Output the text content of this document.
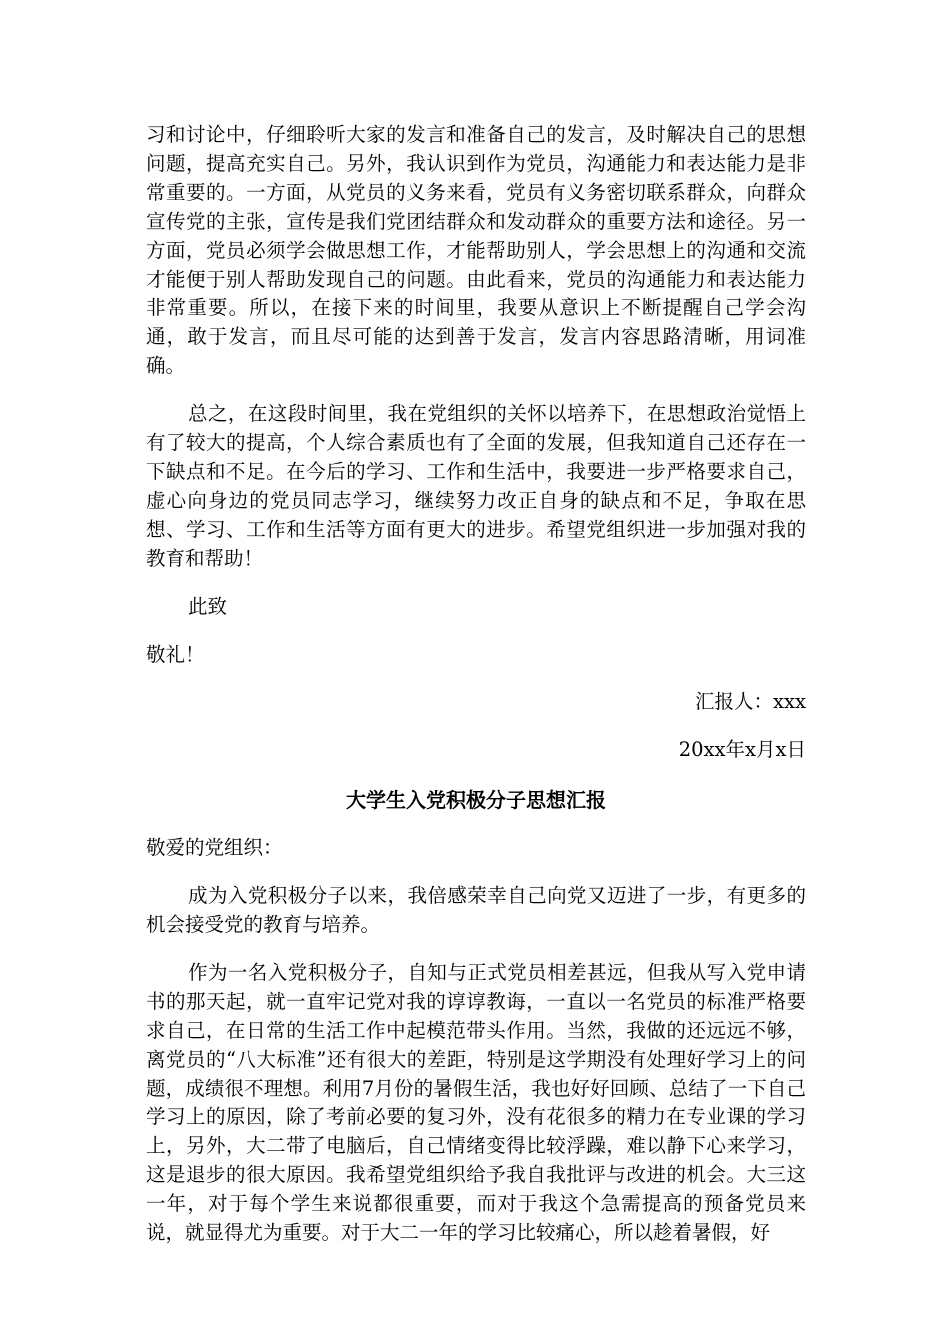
习和讨论中，仔细聆听大家的发言和准备自己的发言，及时解决自己的思想问题，提高充实自己。另外，我认识到作为党员，沟通能力和表达能力是非常重要的。一方面，从党员的义务来看，党员有义务密切联系群众，向群众宣传党的主张，宣传是我们党团结群众和发动群众的重要方法和途径。另一方面，党员必须学会做思想工作，才能帮助别人，学会思想上的沟通和交流才能便于别人帮助发现自己的问题。由此看来，党员的沟通能力和表达能力非常重要。所以，在接下来的时间里，我要从意识上不断提醒自己学会沟通，敢于发言，而且尽可能的达到善于发言，发言内容思路清晰，用词准确。

总之，在这段时间里，我在党组织的关怀以培养下，在思想政治觉悟上有了较大的提高，个人综合素质也有了全面的发展，但我知道自己还存在一下缺点和不足。在今后的学习、工作和生活中，我要进一步严格要求自己，虚心向身边的党员同志学习，继续努力改正自身的缺点和不足，争取在思想、学习、工作和生活等方面有更大的进步。希望党组织进一步加强对我的教育和帮助！

此致

敬礼！

汇报人：xxx

20xx年x月x日

大学生入党积极分子思想汇报

敬爱的党组织：

成为入党积极分子以来，我倍感荣幸自己向党又迈进了一步，有更多的机会接受党的教育与培养。

作为一名入党积极分子，自知与正式党员相差甚远，但我从写入党申请书的那天起，就一直牢记党对我的谆谆教诲，一直以一名党员的标准严格要求自己，在日常的生活工作中起模范带头作用。当然，我做的还远远不够，离党员的“八大标准”还有很大的差距，特别是这学期没有处理好学习上的问题，成绩很不理想。利用7月份的暑假生活，我也好好回顾、总结了一下自己学习上的原因，除了考前必要的复习外，没有花很多的精力在专业课的学习上，另外，大二带了电脑后，自己情绪变得比较浮躁，难以静下心来学习，这是退步的很大原因。我希望党组织给予我自我批评与改进的机会。大三这一年，对于每个学生来说都很重要，而对于我这个急需提高的预备党员来说，就显得尤为重要。对于大二一年的学习比较痛心，所以趁着暑假，好
